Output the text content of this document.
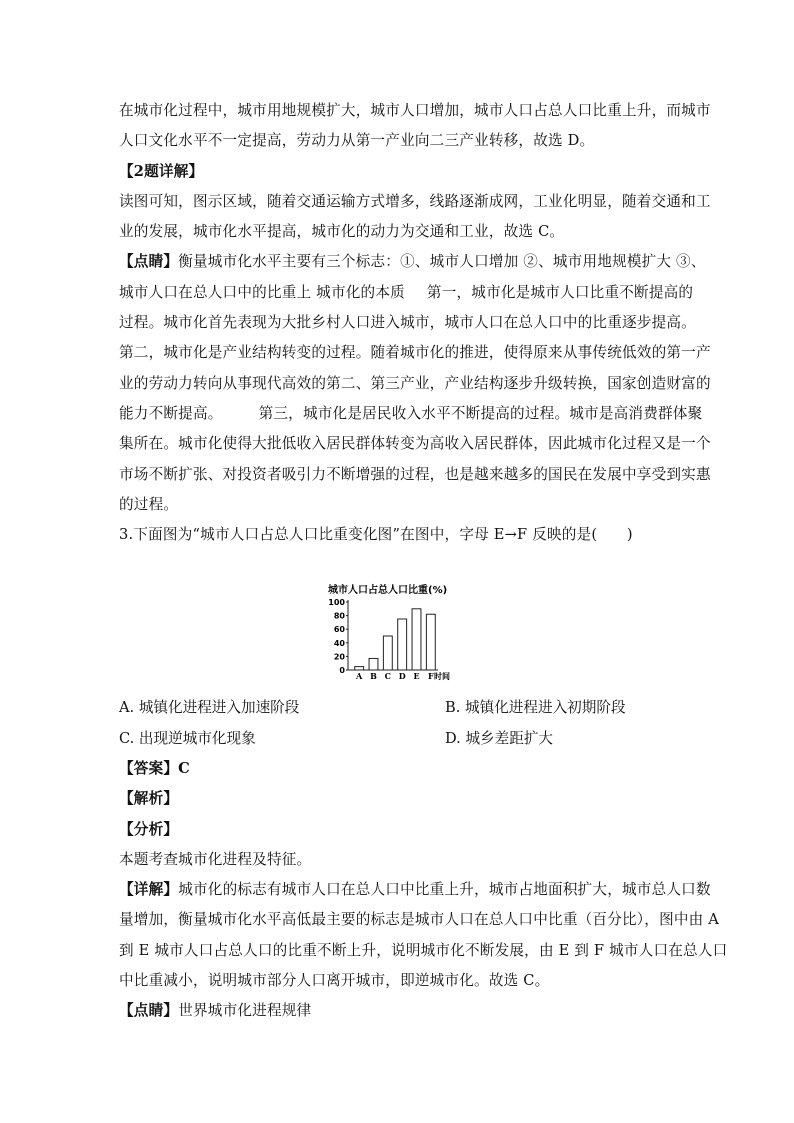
在城市化过程中，城市用地规模扩大，城市人口增加，城市人口占总人口比重上升，而城市
人口文化水平不一定提高，劳动力从第一产业向二三产业转移，故选 D。
【2题详解】
读图可知，图示区域，随着交通运输方式增多，线路逐渐成网，工业化明显，随着交通和工
业的发展，城市化水平提高，城市化的动力为交通和工业，故选 C。
【点睛】衡量城市化水平主要有三个标志：①、城市人口增加 ②、城市用地规模扩大 ③、
城市人口在总人口中的比重上 城市化的本质 第一，城市化是城市人口比重不断提高的
过程。城市化首先表现为大批乡村人口进入城市，城市人口在总人口中的比重逐步提高。
第二，城市化是产业结构转变的过程。随着城市化的推进，使得原来从事传统低效的第一产
业的劳动力转向从事现代高效的第二、第三产业，产业结构逐步升级转换，国家创造财富的
能力不断提高。 第三，城市化是居民收入水平不断提高的过程。城市是高消费群体聚
集所在。城市化使得大批低收入居民群体转变为高收入居民群体，因此城市化过程又是一个
市场不断扩张、对投资者吸引力不断增强的过程，也是越来越多的国民在发展中享受到实惠
的过程。
3.下面图为“城市人口占总人口比重变化图”在图中，字母 E→F 反映的是(　　)
城市人口占总人口比重(%)
0
20
40
60
80
100
A B C D E F 时间
A. 城镇化进程进入加速阶段	B. 城镇化进程进入初期阶段
C. 出现逆城市化现象	D. 城乡差距扩大
【答案】C
【解析】
【分析】
本题考查城市化进程及特征。
【详解】城市化的标志有城市人口在总人口中比重上升，城市占地面积扩大，城市总人口数
量增加，衡量城市化水平高低最主要的标志是城市人口在总人口中比重（百分比），图中由 A
到 E 城市人口占总人口的比重不断上升，说明城市化不断发展，由 E 到 F 城市人口在总人口
中比重减小，说明城市部分人口离开城市，即逆城市化。故选 C。
【点睛】世界城市化进程规律
